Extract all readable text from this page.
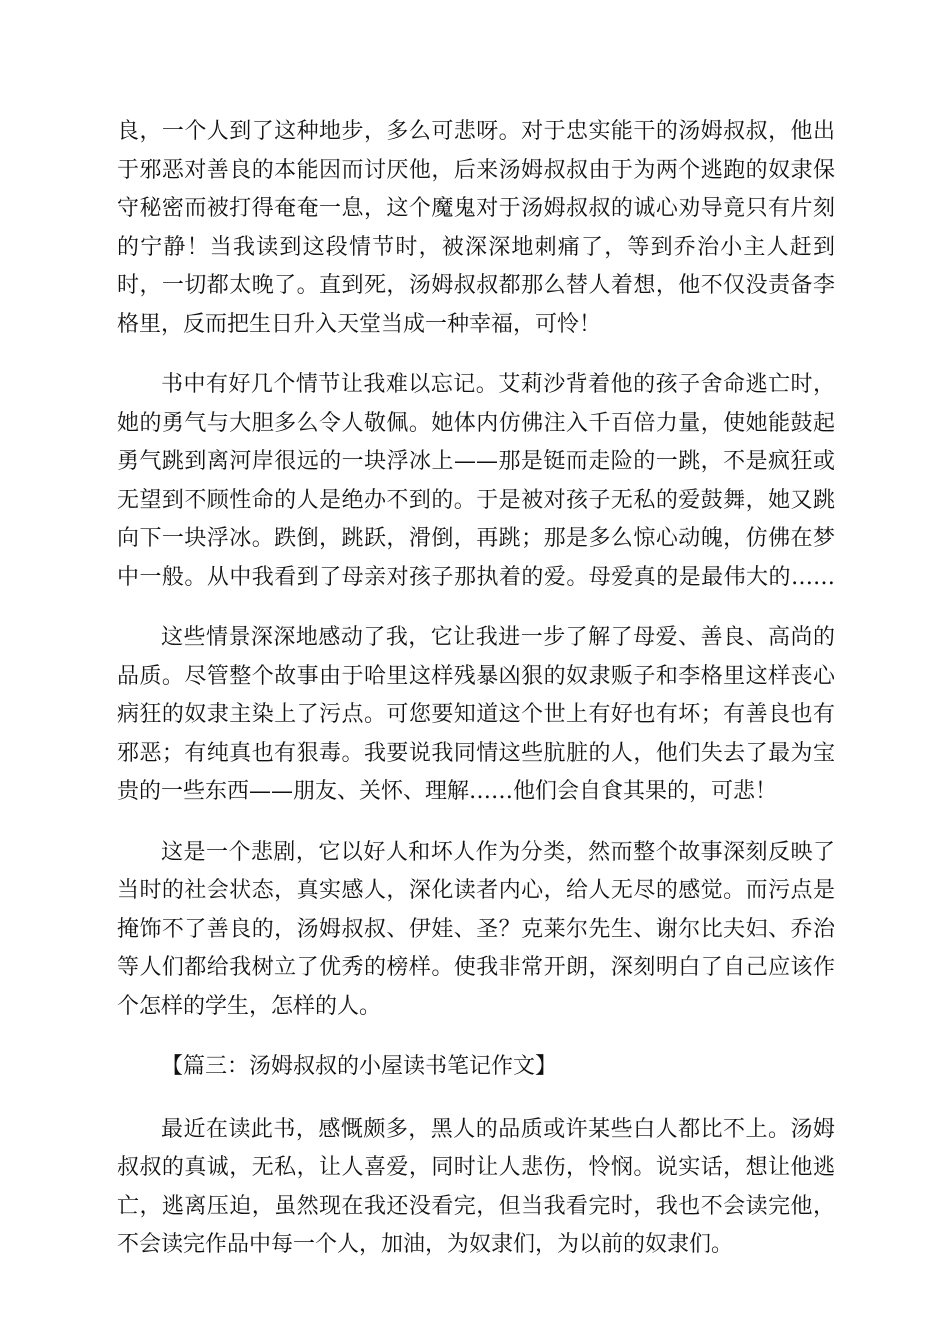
良，一个人到了这种地步，多么可悲呀。对于忠实能干的汤姆叔叔，他出
于邪恶对善良的本能因而讨厌他，后来汤姆叔叔由于为两个逃跑的奴隶保
守秘密而被打得奄奄一息，这个魔鬼对于汤姆叔叔的诚心劝导竟只有片刻
的宁静！当我读到这段情节时，被深深地刺痛了，等到乔治小主人赶到
时，一切都太晚了。直到死，汤姆叔叔都那么替人着想，他不仅没责备李
格里，反而把生日升入天堂当成一种幸福，可怜！
书中有好几个情节让我难以忘记。艾莉沙背着他的孩子舍命逃亡时，
她的勇气与大胆多么令人敬佩。她体内仿佛注入千百倍力量，使她能鼓起
勇气跳到离河岸很远的一块浮冰上——那是铤而走险的一跳，不是疯狂或
无望到不顾性命的人是绝办不到的。于是被对孩子无私的爱鼓舞，她又跳
向下一块浮冰。跌倒，跳跃，滑倒，再跳；那是多么惊心动魄，仿佛在梦
中一般。从中我看到了母亲对孩子那执着的爱。母爱真的是最伟大的……
这些情景深深地感动了我，它让我进一步了解了母爱、善良、高尚的
品质。尽管整个故事由于哈里这样残暴凶狠的奴隶贩子和李格里这样丧心
病狂的奴隶主染上了污点。可您要知道这个世上有好也有坏；有善良也有
邪恶；有纯真也有狠毒。我要说我同情这些肮脏的人，他们失去了最为宝
贵的一些东西——朋友、关怀、理解……他们会自食其果的，可悲！
这是一个悲剧，它以好人和坏人作为分类，然而整个故事深刻反映了
当时的社会状态，真实感人，深化读者内心，给人无尽的感觉。而污点是
掩饰不了善良的，汤姆叔叔、伊娃、圣？克莱尔先生、谢尔比夫妇、乔治
等人们都给我树立了优秀的榜样。使我非常开朗，深刻明白了自己应该作
个怎样的学生，怎样的人。
【篇三：汤姆叔叔的小屋读书笔记作文】
最近在读此书，感慨颇多，黑人的品质或许某些白人都比不上。汤姆
叔叔的真诚，无私，让人喜爱，同时让人悲伤，怜悯。说实话，想让他逃
亡，逃离压迫，虽然现在我还没看完，但当我看完时，我也不会读完他，
不会读完作品中每一个人，加油，为奴隶们，为以前的奴隶们。
